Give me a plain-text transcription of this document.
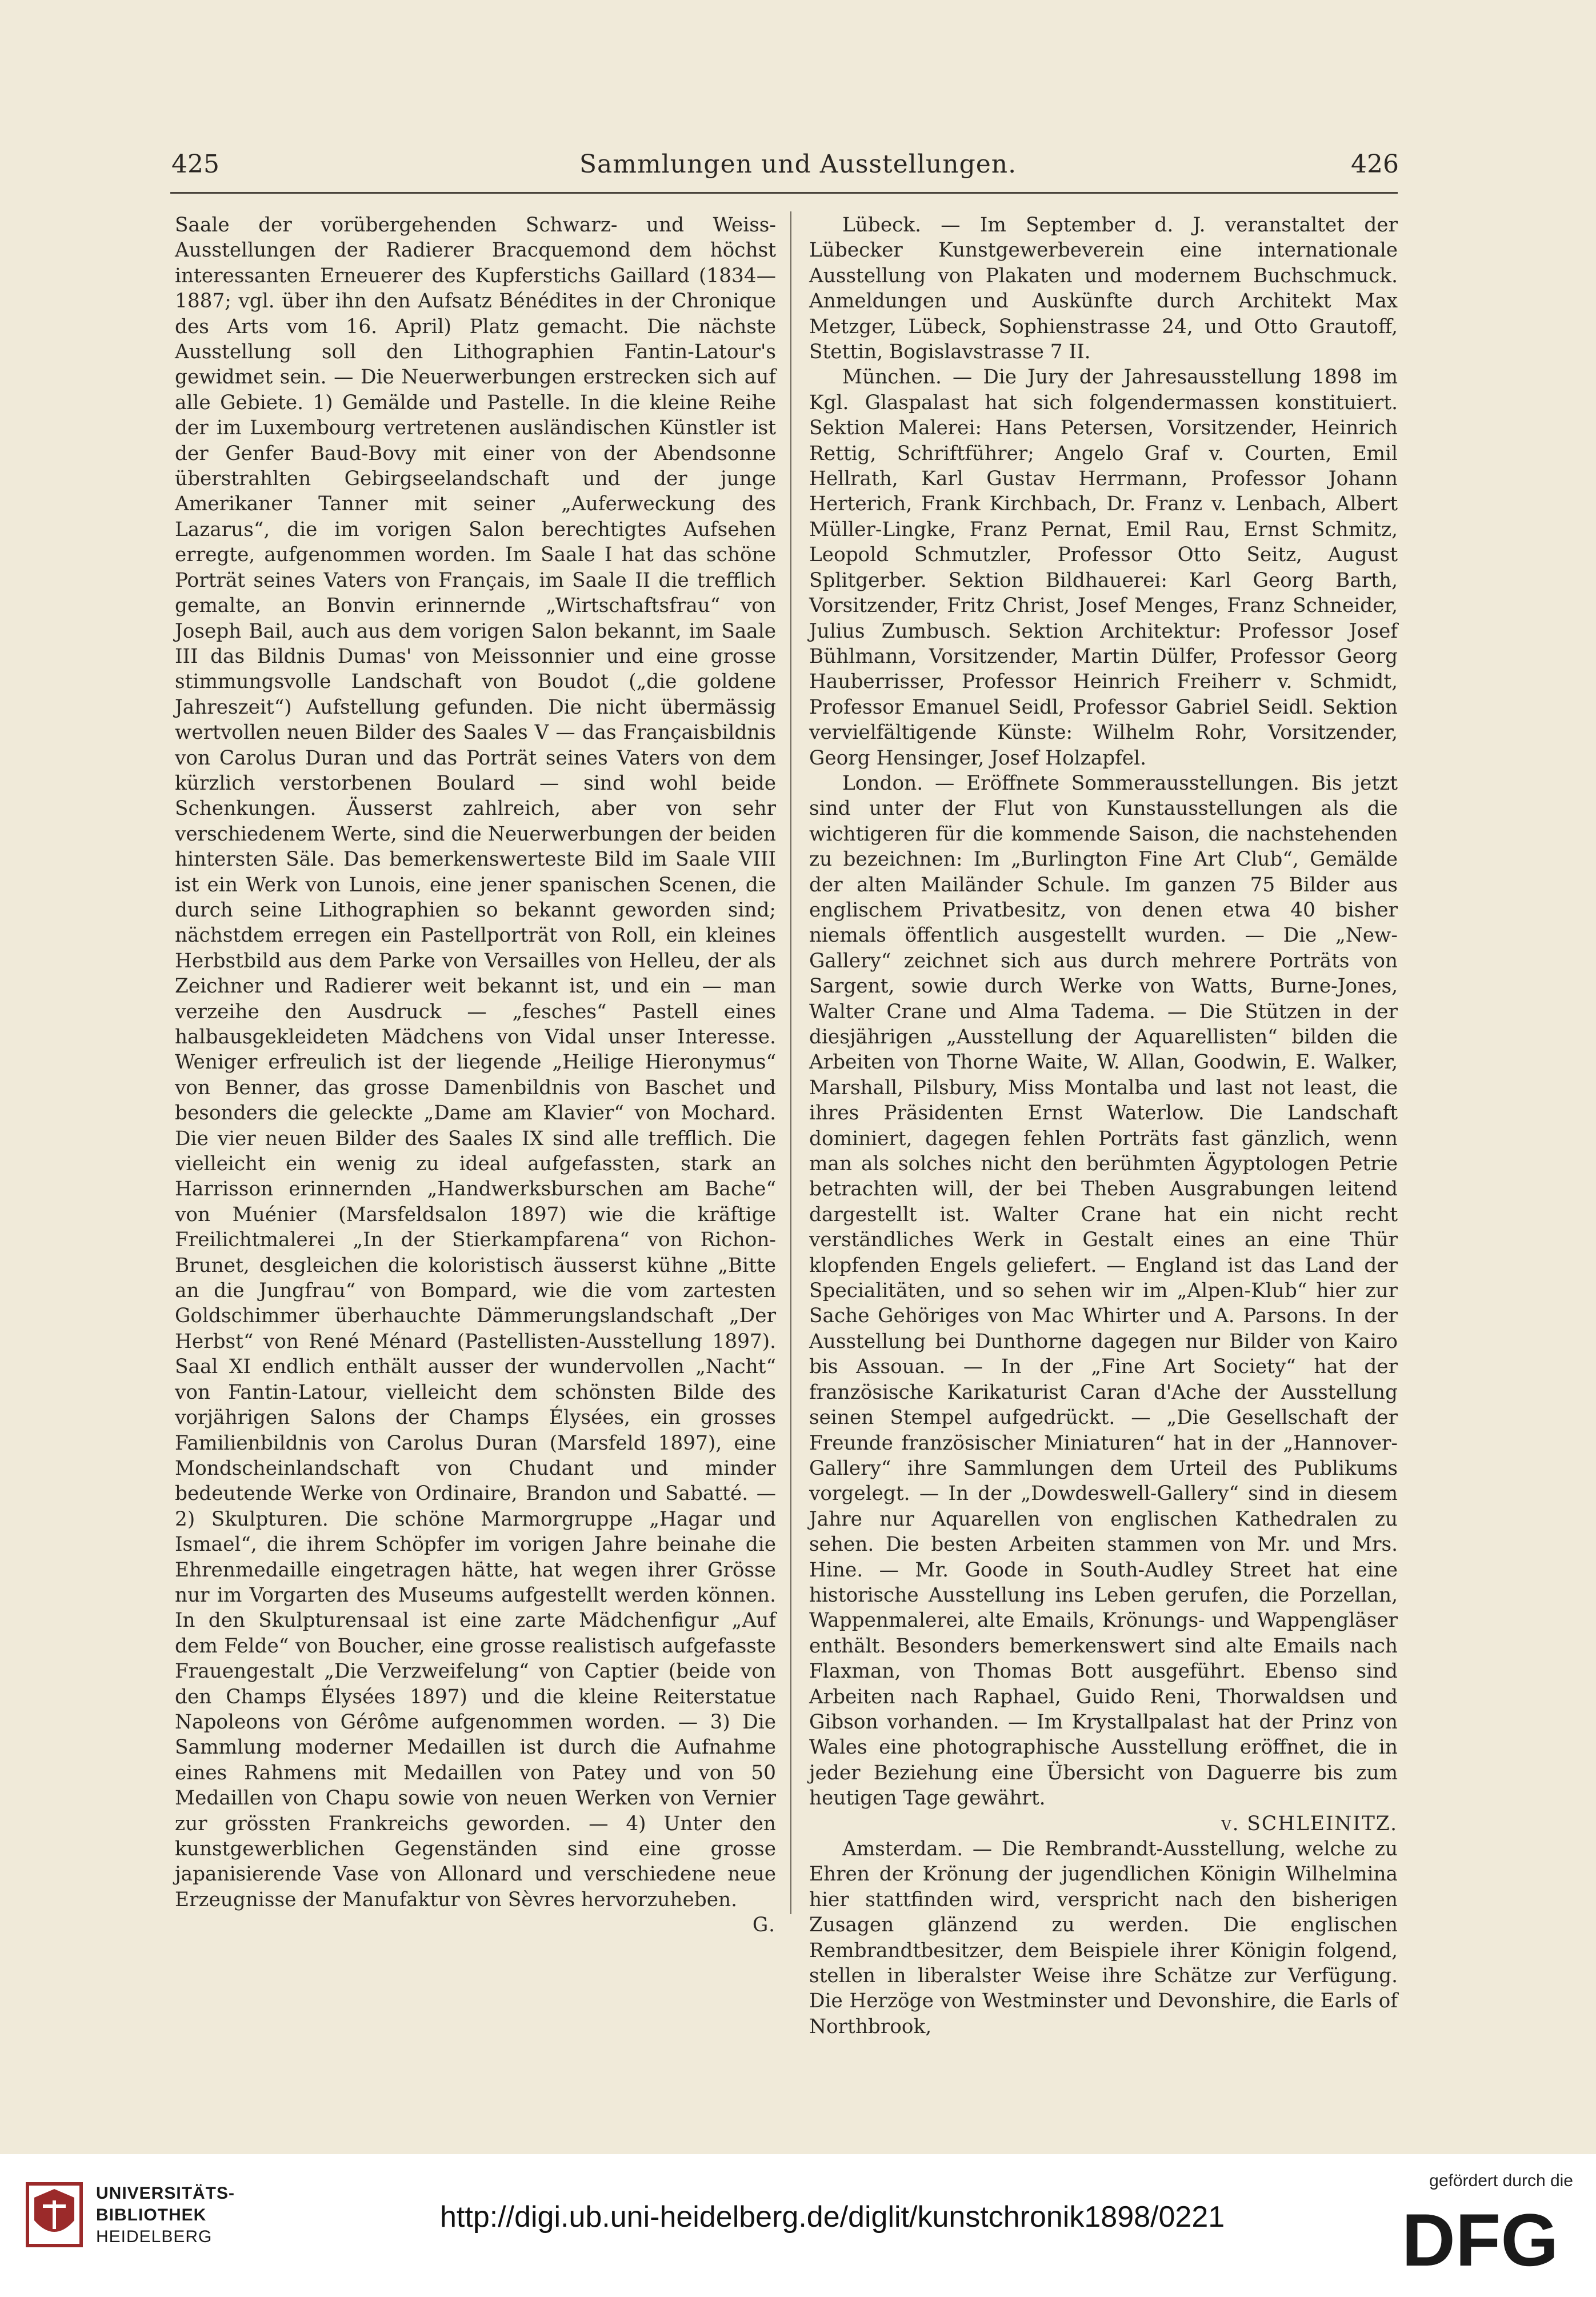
425	Sammlungen und Ausstellungen.	426

Saale der vorübergehenden Schwarz- und Weiss-Ausstellungen der Radierer Bracquemond dem höchst interessanten Erneuerer des Kupferstichs Gaillard (1834—1887; vgl. über ihn den Aufsatz Bénédites in der Chronique des Arts vom 16. April) Platz gemacht. Die nächste Ausstellung soll den Lithographien Fantin-Latour's gewidmet sein. — Die Neuerwerbungen erstrecken sich auf alle Gebiete. 1) Gemälde und Pastelle. In die kleine Reihe der im Luxembourg vertretenen ausländischen Künstler ist der Genfer Baud-Bovy mit einer von der Abendsonne überstrahlten Gebirgseelandschaft und der junge Amerikaner Tanner mit seiner „Auferweckung des Lazarus“, die im vorigen Salon berechtigtes Aufsehen erregte, aufgenommen worden. Im Saale I hat das schöne Porträt seines Vaters von Français, im Saale II die trefflich gemalte, an Bonvin erinnernde „Wirtschaftsfrau“ von Joseph Bail, auch aus dem vorigen Salon bekannt, im Saale III das Bildnis Dumas' von Meissonnier und eine grosse stimmungsvolle Landschaft von Boudot („die goldene Jahreszeit“) Aufstellung gefunden. Die nicht übermässig wertvollen neuen Bilder des Saales V — das Françaisbildnis von Carolus Duran und das Porträt seines Vaters von dem kürzlich verstorbenen Boulard — sind wohl beide Schenkungen. Äusserst zahlreich, aber von sehr verschiedenem Werte, sind die Neuerwerbungen der beiden hintersten Säle. Das bemerkenswerteste Bild im Saale VIII ist ein Werk von Lunois, eine jener spanischen Scenen, die durch seine Lithographien so bekannt geworden sind; nächstdem erregen ein Pastellporträt von Roll, ein kleines Herbstbild aus dem Parke von Versailles von Helleu, der als Zeichner und Radierer weit bekannt ist, und ein — man verzeihe den Ausdruck — „fesches“ Pastell eines halbausgekleideten Mädchens von Vidal unser Interesse. Weniger erfreulich ist der liegende „Heilige Hieronymus“ von Benner, das grosse Damenbildnis von Baschet und besonders die geleckte „Dame am Klavier“ von Mochard. Die vier neuen Bilder des Saales IX sind alle trefflich. Die vielleicht ein wenig zu ideal aufgefassten, stark an Harrisson erinnernden „Handwerksburschen am Bache“ von Muénier (Marsfeldsalon 1897) wie die kräftige Freilichtmalerei „In der Stierkampfarena“ von Richon-Brunet, desgleichen die koloristisch äusserst kühne „Bitte an die Jungfrau“ von Bompard, wie die vom zartesten Goldschimmer überhauchte Dämmerungslandschaft „Der Herbst“ von René Ménard (Pastellisten-Ausstellung 1897). Saal XI endlich enthält ausser der wundervollen „Nacht“ von Fantin-Latour, vielleicht dem schönsten Bilde des vorjährigen Salons der Champs Élysées, ein grosses Familienbildnis von Carolus Duran (Marsfeld 1897), eine Mondscheinlandschaft von Chudant und minder bedeutende Werke von Ordinaire, Brandon und Sabatté. — 2) Skulpturen. Die schöne Marmorgruppe „Hagar und Ismael“, die ihrem Schöpfer im vorigen Jahre beinahe die Ehrenmedaille eingetragen hätte, hat wegen ihrer Grösse nur im Vorgarten des Museums aufgestellt werden können. In den Skulpturensaal ist eine zarte Mädchenfigur „Auf dem Felde“ von Boucher, eine grosse realistisch aufgefasste Frauengestalt „Die Verzweifelung“ von Captier (beide von den Champs Élysées 1897) und die kleine Reiterstatue Napoleons von Gérôme aufgenommen worden. — 3) Die Sammlung moderner Medaillen ist durch die Aufnahme eines Rahmens mit Medaillen von Patey und von 50 Medaillen von Chapu sowie von neuen Werken von Vernier zur grössten Frankreichs geworden. — 4) Unter den kunstgewerblichen Gegenständen sind eine grosse japanisierende Vase von Allonard und verschiedene neue Erzeugnisse der Manufaktur von Sèvres hervorzuheben.

G.

Lübeck. — Im September d. J. veranstaltet der Lübecker Kunstgewerbeverein eine internationale Ausstellung von Plakaten und modernem Buchschmuck. Anmeldungen und Auskünfte durch Architekt Max Metzger, Lübeck, Sophienstrasse 24, und Otto Grautoff, Stettin, Bogislavstrasse 7 II.

München. — Die Jury der Jahresausstellung 1898 im Kgl. Glaspalast hat sich folgendermassen konstituiert. Sektion Malerei: Hans Petersen, Vorsitzender, Heinrich Rettig, Schriftführer; Angelo Graf v. Courten, Emil Hellrath, Karl Gustav Herrmann, Professor Johann Herterich, Frank Kirchbach, Dr. Franz v. Lenbach, Albert Müller-Lingke, Franz Pernat, Emil Rau, Ernst Schmitz, Leopold Schmutzler, Professor Otto Seitz, August Splitgerber. Sektion Bildhauerei: Karl Georg Barth, Vorsitzender, Fritz Christ, Josef Menges, Franz Schneider, Julius Zumbusch. Sektion Architektur: Professor Josef Bühlmann, Vorsitzender, Martin Dülfer, Professor Georg Hauberrisser, Professor Heinrich Freiherr v. Schmidt, Professor Emanuel Seidl, Professor Gabriel Seidl. Sektion vervielfältigende Künste: Wilhelm Rohr, Vorsitzender, Georg Hensinger, Josef Holzapfel.

London. — Eröffnete Sommerausstellungen. Bis jetzt sind unter der Flut von Kunstausstellungen als die wichtigeren für die kommende Saison, die nachstehenden zu bezeichnen: Im „Burlington Fine Art Club“, Gemälde der alten Mailänder Schule. Im ganzen 75 Bilder aus englischem Privatbesitz, von denen etwa 40 bisher niemals öffentlich ausgestellt wurden. — Die „New-Gallery“ zeichnet sich aus durch mehrere Porträts von Sargent, sowie durch Werke von Watts, Burne-Jones, Walter Crane und Alma Tadema. — Die Stützen in der diesjährigen „Ausstellung der Aquarellisten“ bilden die Arbeiten von Thorne Waite, W. Allan, Goodwin, E. Walker, Marshall, Pilsbury, Miss Montalba und last not least, die ihres Präsidenten Ernst Waterlow. Die Landschaft dominiert, dagegen fehlen Porträts fast gänzlich, wenn man als solches nicht den berühmten Ägyptologen Petrie betrachten will, der bei Theben Ausgrabungen leitend dargestellt ist. Walter Crane hat ein nicht recht verständliches Werk in Gestalt eines an eine Thür klopfenden Engels geliefert. — England ist das Land der Specialitäten, und so sehen wir im „Alpen-Klub“ hier zur Sache Gehöriges von Mac Whirter und A. Parsons. In der Ausstellung bei Dunthorne dagegen nur Bilder von Kairo bis Assouan. — In der „Fine Art Society“ hat der französische Karikaturist Caran d'Ache der Ausstellung seinen Stempel aufgedrückt. — „Die Gesellschaft der Freunde französischer Miniaturen“ hat in der „Hannover-Gallery“ ihre Sammlungen dem Urteil des Publikums vorgelegt. — In der „Dowdeswell-Gallery“ sind in diesem Jahre nur Aquarellen von englischen Kathedralen zu sehen. Die besten Arbeiten stammen von Mr. und Mrs. Hine. — Mr. Goode in South-Audley Street hat eine historische Ausstellung ins Leben gerufen, die Porzellan, Wappenmalerei, alte Emails, Krönungs- und Wappengläser enthält. Besonders bemerkenswert sind alte Emails nach Flaxman, von Thomas Bott ausgeführt. Ebenso sind Arbeiten nach Raphael, Guido Reni, Thorwaldsen und Gibson vorhanden. — Im Krystallpalast hat der Prinz von Wales eine photographische Ausstellung eröffnet, die in jeder Beziehung eine Übersicht von Daguerre bis zum heutigen Tage gewährt.

v. SCHLEINITZ.

Amsterdam. — Die Rembrandt-Ausstellung, welche zu Ehren der Krönung der jugendlichen Königin Wilhelmina hier stattfinden wird, verspricht nach den bisherigen Zusagen glänzend zu werden. Die englischen Rembrandtbesitzer, dem Beispiele ihrer Königin folgend, stellen in liberalster Weise ihre Schätze zur Verfügung. Die Herzöge von Westminster und Devonshire, die Earls of Northbrook,

UNIVERSITÄTS-
BIBLIOTHEK
HEIDELBERG
http://digi.ub.uni-heidelberg.de/diglit/kunstchronik1898/0221
gefördert durch die
DFG
